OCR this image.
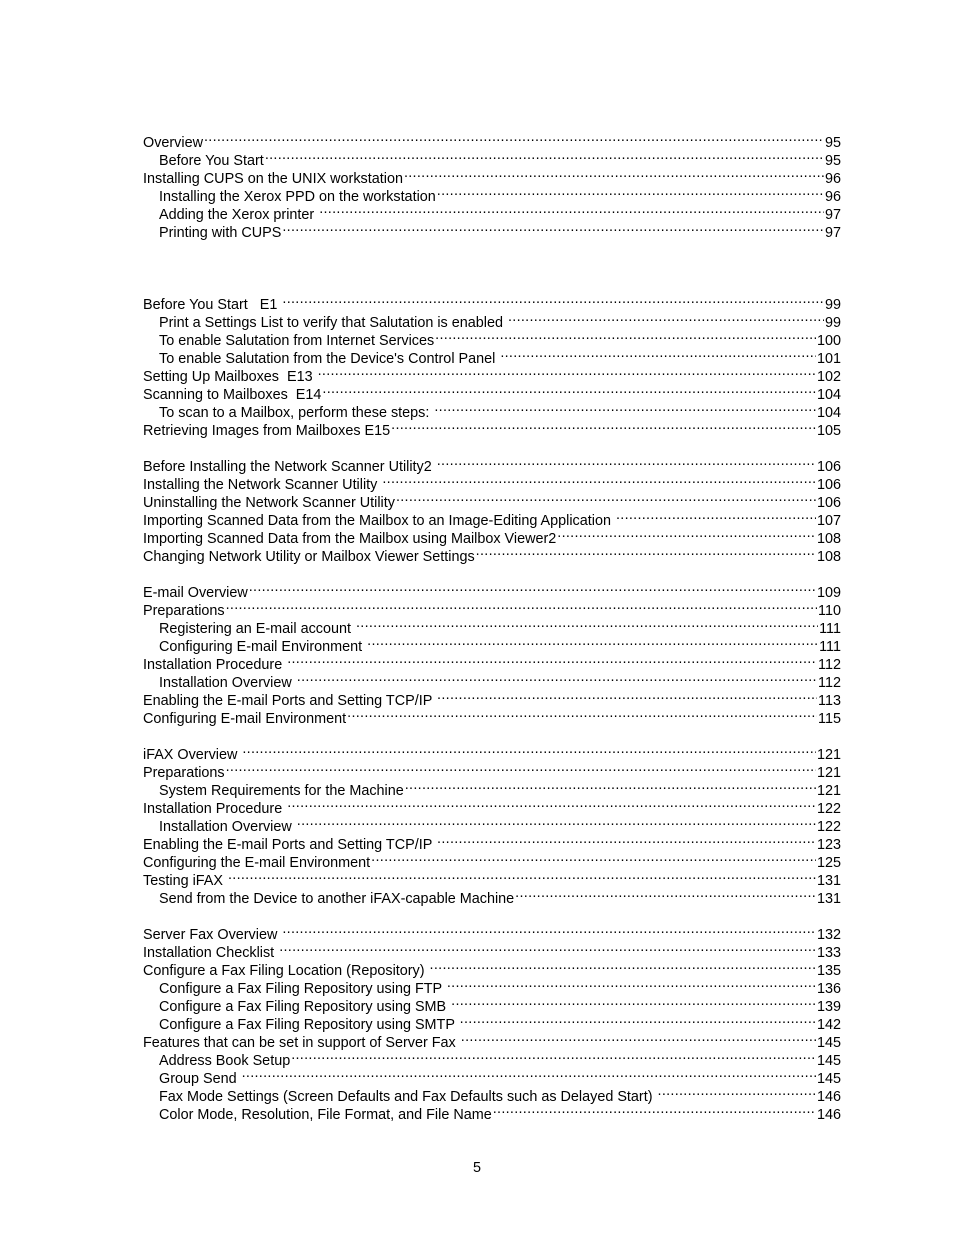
Overview .....	95
Before You Start .....	95
Installing CUPS on the UNIX workstation .....	96
Installing the Xerox PPD on the workstation .....	96
Adding the Xerox printer .....	97
Printing with CUPS .....	97
Before You Start   E1 .....	99
Print a Settings List to verify that Salutation is enabled .....	99
To enable Salutation from Internet Services .....	100
To enable Salutation from the Device's Control Panel .....	101
Setting Up Mailboxes  E13 .....	102
Scanning to Mailboxes  E14 .....	104
To scan to a Mailbox, perform these steps: .....	104
Retrieving Images from Mailboxes E15 .....	105
Before Installing the Network Scanner Utility2 .....	106
Installing the Network Scanner Utility .....	106
Uninstalling the Network Scanner Utility .....	106
Importing Scanned Data from the Mailbox to an Image-Editing Application .....	107
Importing Scanned Data from the Mailbox using Mailbox Viewer2 .....	108
Changing Network Utility or Mailbox Viewer Settings .....	108
E-mail Overview .....	109
Preparations .....	110
Registering an E-mail account .....	111
Configuring E-mail Environment .....	111
Installation Procedure .....	112
Installation Overview .....	112
Enabling the E-mail Ports and Setting TCP/IP .....	113
Configuring E-mail Environment .....	115
iFAX Overview .....	121
Preparations .....	121
System Requirements for the Machine .....	121
Installation Procedure .....	122
Installation Overview .....	122
Enabling the E-mail Ports and Setting TCP/IP .....	123
Configuring the E-mail Environment .....	125
Testing iFAX .....	131
Send from the Device to another iFAX-capable Machine .....	131
Server Fax Overview .....	132
Installation Checklist .....	133
Configure a Fax Filing Location (Repository) .....	135
Configure a Fax Filing Repository using FTP .....	136
Configure a Fax Filing Repository using SMB .....	139
Configure a Fax Filing Repository using SMTP .....	142
Features that can be set in support of Server Fax .....	145
Address Book Setup .....	145
Group Send .....	145
Fax Mode Settings (Screen Defaults and Fax Defaults such as Delayed Start) .....	146
Color Mode, Resolution, File Format, and File Name .....	146
5
